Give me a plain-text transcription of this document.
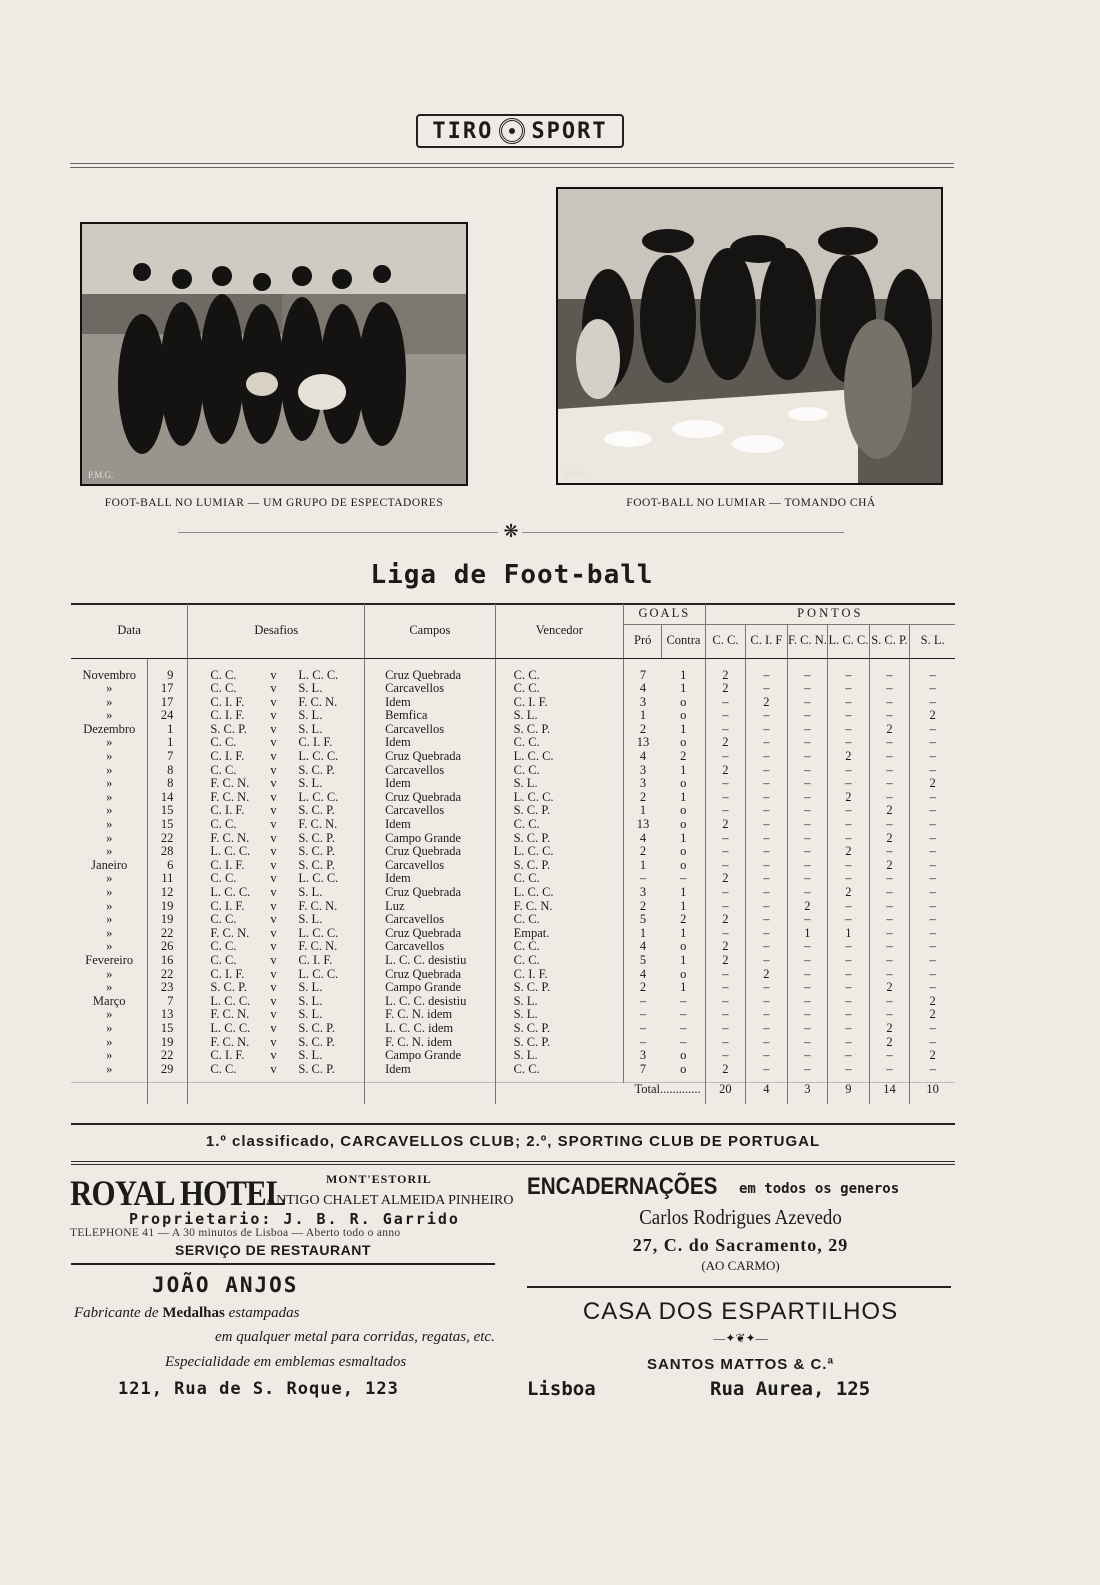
TIRO SPORT
P.M.G.
FOOT-BALL NO LUMIAR — UM GRUPO DE ESPECTADORES
P.M.G.
FOOT-BALL NO LUMIAR — TOMANDO CHÁ
❋
Liga de Foot-ball
Data		Desafios	Campos	Vencedor	GOALS		PONTOS					
					Pró	Contra	C. C.	C. I. F	F. C. N.	L. C. C.	S. C. P.	S. L.

Novembro	9	C. C. v L. C. C.	Cruz Quebrada	C. C.	7	1	2	–	–	–	–	–
»	17	C. C. v S. L.	Carcavellos	C. C.	4	1	2	–	–	–	–	–
»	17	C. I. F. v F. C. N.	Idem	C. I. F.	3	o	–	2	–	–	–	–
»	24	C. I. F. v S. L.	Bemfica	S. L.	1	o	–	–	–	–	–	2
Dezembro	1	S. C. P. v S. L.	Carcavellos	S. C. P.	2	1	–	–	–	–	2	–
»	1	C. C. v C. I. F.	Idem	C. C.	13	o	2	–	–	–	–	–
»	7	C. I. F. v L. C. C.	Cruz Quebrada	L. C. C.	4	2	–	–	–	2	–	–
»	8	C. C. v S. C. P.	Carcavellos	C. C.	3	1	2	–	–	–	–	–
»	8	F. C. N. v S. L.	Idem	S. L.	3	o	–	–	–	–	–	2
»	14	F. C. N. v L. C. C.	Cruz Quebrada	L. C. C.	2	1	–	–	–	2	–	–
»	15	C. I. F. v S. C. P.	Carcavellos	S. C. P.	1	o	–	–	–	–	2	–
»	15	C. C. v F. C. N.	Idem	C. C.	13	o	2	–	–	–	–	–
»	22	F. C. N. v S. C. P.	Campo Grande	S. C. P.	4	1	–	–	–	–	2	–
»	28	L. C. C. v S. C. P.	Cruz Quebrada	L. C. C.	2	o	–	–	–	2	–	–
Janeiro	6	C. I. F. v S. C. P.	Carcavellos	S. C. P.	1	o	–	–	–	–	2	–
»	11	C. C. v L. C. C.	Idem	C. C.	–	–	2	–	–	–	–	–
»	12	L. C. C. v S. L.	Cruz Quebrada	L. C. C.	3	1	–	–	–	2	–	–
»	19	C. I. F. v F. C. N.	Luz	F. C. N.	2	1	–	–	2	–	–	–
»	19	C. C. v S. L.	Carcavellos	C. C.	5	2	2	–	–	–	–	–
»	22	F. C. N. v L. C. C.	Cruz Quebrada	Empat.	1	1	–	–	1	1	–	–
»	26	C. C. v F. C. N.	Carcavellos	C. C.	4	o	2	–	–	–	–	–
Fevereiro	16	C. C. v C. I. F.	L. C. C. desistiu	C. C.	5	1	2	–	–	–	–	–
»	22	C. I. F. v L. C. C.	Cruz Quebrada	C. I. F.	4	o	–	2	–	–	–	–
»	23	S. C. P. v S. L.	Campo Grande	S. C. P.	2	1	–	–	–	–	2	–
Março	7	L. C. C. v S. L.	L. C. C. desistiu	S. L.	–	–	–	–	–	–	–	2
»	13	F. C. N. v S. L.	F. C. N. idem	S. L.	–	–	–	–	–	–	–	2
»	15	L. C. C. v S. C. P.	L. C. C. idem	S. C. P.	–	–	–	–	–	–	2	–
»	19	F. C. N. v S. C. P.	F. C. N. idem	S. C. P.	–	–	–	–	–	–	2	–
»	22	C. I. F. v S. L.	Campo Grande	S. L.	3	o	–	–	–	–	–	2
»	29	C. C. v S. C. P.	Idem	C. C.	7	o	2	–	–	–	–	–

				Total.............			20	4	3	9	14	10
1.º classificado, CARCAVELLOS CLUB; 2.º, SPORTING CLUB DE PORTUGAL
ROYAL HOTEL	MONT'ESTORIL
ANTIGO CHALET ALMEIDA PINHEIRO
Proprietario: J. B. R. Garrido
TELEPHONE 41 — A 30 minutos de Lisboa — Aberto todo o anno
SERVIÇO DE RESTAURANT
JOÃO ANJOS
Fabricante de Medalhas estampadas
em qualquer metal para corridas, regatas, etc.
Especialidade em emblemas esmaltados
121, Rua de S. Roque, 123
ENCADERNAÇÕES em todos os generos
Carlos Rodrigues Azevedo
27, C. do Sacramento, 29
(AO CARMO)
CASA DOS ESPARTILHOS
—✦❦✦—
SANTOS MATTOS & C.ª
Lisboa	Rua Aurea, 125
